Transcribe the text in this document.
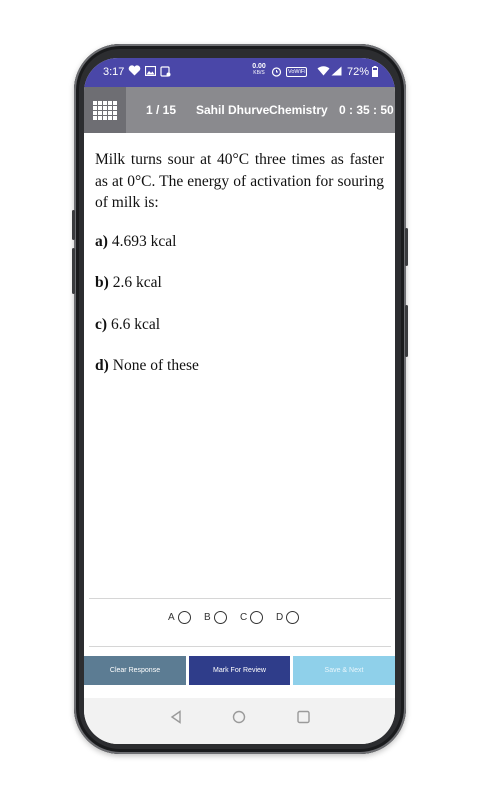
3:17	0.00
KB/S	VoWiFi	72%
1 / 15 Sahil Dhurve Chemistry 0 : 35 : 50
Milk turns sour at 40°C three times as faster as at 0°C. The energy of activation for souring of milk is:
a) 4.693 kcal
b) 2.6 kcal
c) 6.6 kcal
d) None of these
A	B	C	D
Clear Response	Mark For Review	Save & Next
